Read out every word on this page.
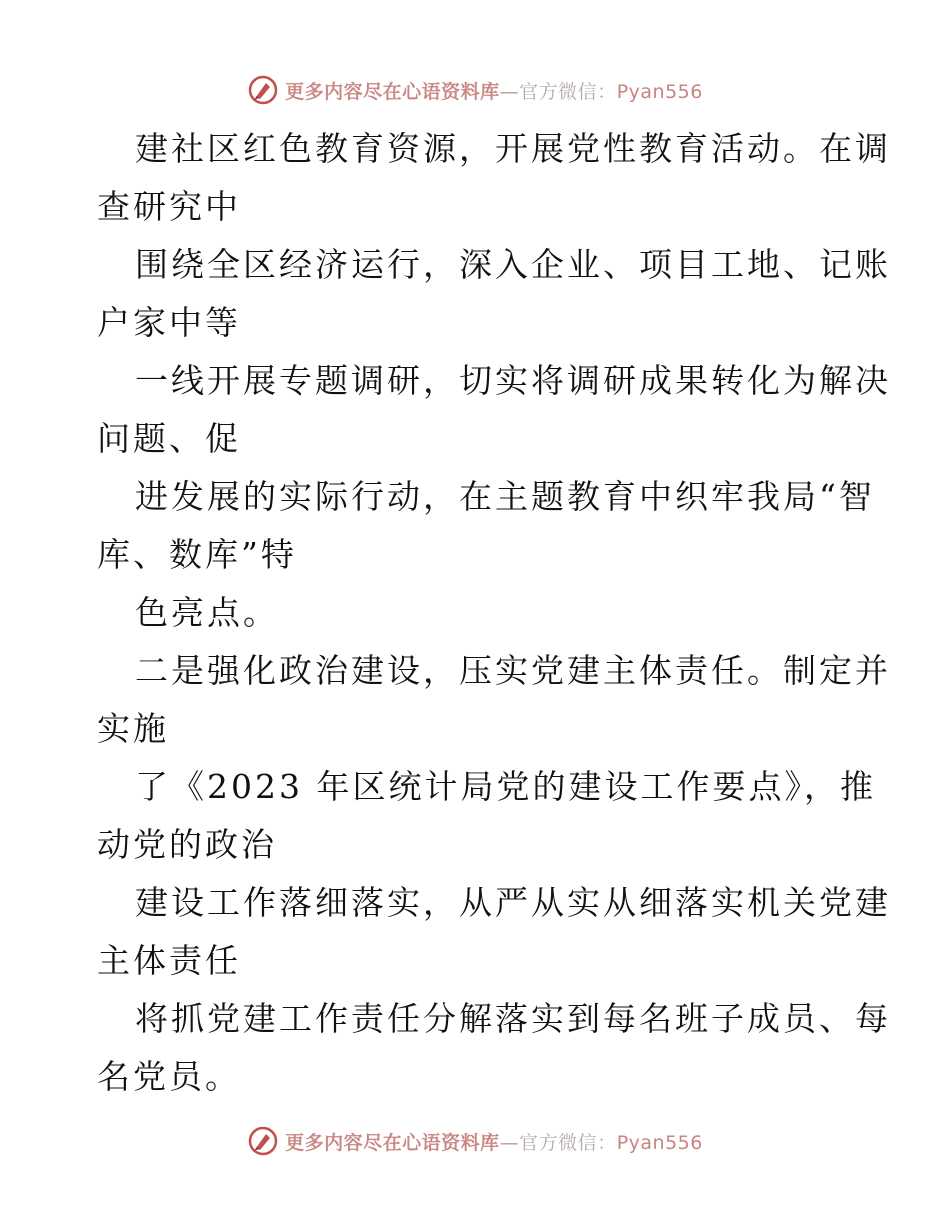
更多内容尽在心语资料库—官方微信：Pyan556
建社区红色教育资源，开展党性教育活动。在调
查研究中
围绕全区经济运行，深入企业、项目工地、记账
户家中等
一线开展专题调研，切实将调研成果转化为解决
问题、促
进发展的实际行动，在主题教育中织牢我局“智
库、数库”特
色亮点。
二是强化政治建设，压实党建主体责任。制定并
实施
了《2023 年区统计局党的建设工作要点》，推
动党的政治
建设工作落细落实，从严从实从细落实机关党建
主体责任
将抓党建工作责任分解落实到每名班子成员、每
名党员。
更多内容尽在心语资料库—官方微信：Pyan556
